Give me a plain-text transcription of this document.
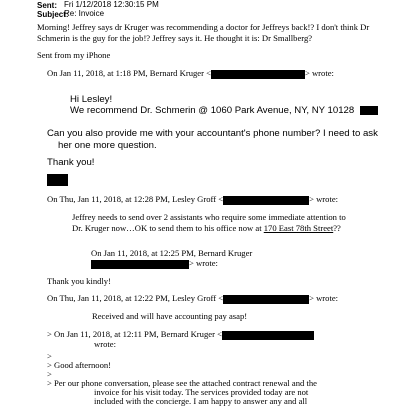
Sent: Fri 1/12/2018 12:30:15 PM
Subject:
Re: Invoice
Morning! Jeffrey says dr Kruger was recommending a doctor for Jeffreys back!? I don't think Dr
Schmerin is the guy for the job!? Jeffrey says it. He thought it is: Dr Smallberg?
Sent from my iPhone
On Jan 11, 2018, at 1:18 PM, Bernard Kruger <	> wrote:
Hi Lesley!
We recommend Dr. Schmerin @ 1060 Park Avenue, NY, NY 10128
Can you also provide me with your accountant's phone number? I need to ask
her one more question.
Thank you!
On Thu, Jan 11, 2018, at 12:28 PM, Lesley Groff <	> wrote:
Jeffrey needs to send over 2 assistants who require some immediate attention to
Dr. Kruger now…OK to send them to his office now at 170 East 78th Street??
On Jan 11, 2018, at 12:25 PM, Bernard Kruger
> wrote:
Thank you kindly!
On Thu, Jan 11, 2018, at 12:22 PM, Lesley Groff <	> wrote:
Received and will have accounting pay asap!
> On Jan 11, 2018, at 12:11 PM, Bernard Kruger <
wrote:
>
> Good afternoon!
>
> Per our phone conversation, please see the attached contract renewal and the
invoice for his visit today. The services provided today are not
included with the concierge. I am happy to answer any and all
